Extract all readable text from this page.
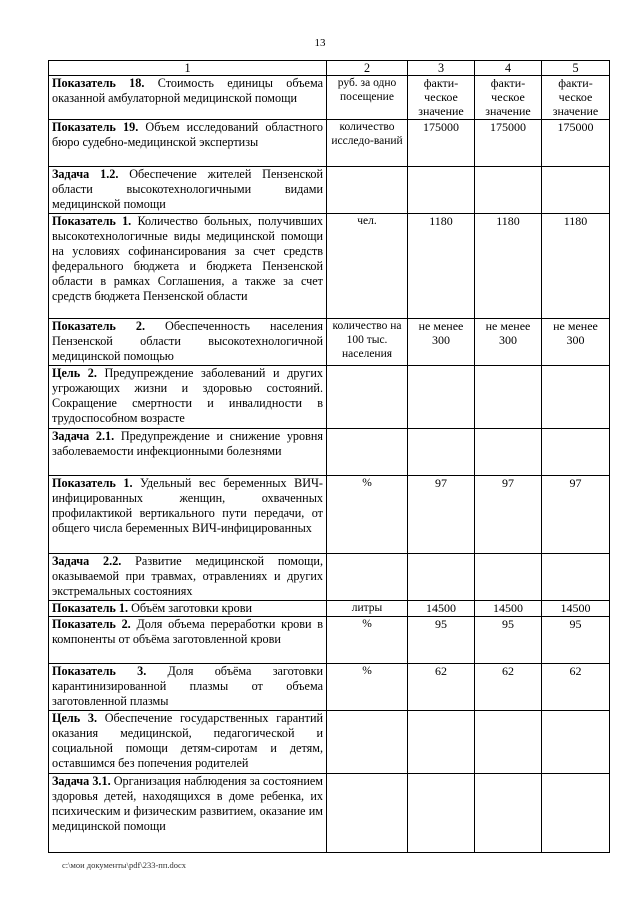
13
1	2	3	4	5
Показатель 18. Стоимость единицы объема оказанной амбулаторной медицинской помощи	руб. за одно посещение	факти-ческое значение	факти-ческое значение	факти-ческое значение
Показатель 19. Объем исследований областного бюро судебно-медицинской экспертизы	количество исследо-ваний	175000	175000	175000
Задача 1.2. Обеспечение жителей Пензенской области высокотехнологичными видами медицинской помощи				
Показатель 1. Количество больных, получивших высокотехнологичные виды медицинской помощи на условиях софинансирования за счет средств федерального бюджета и бюджета Пензенской области в рамках Соглашения, а также за счет средств бюджета Пензенской области	чел.	1180	1180	1180
Показатель 2. Обеспеченность населения Пензенской области высокотехнологичной медицинской помощью	количество на 100 тыс. населения	не менее 300	не менее 300	не менее 300
Цель 2. Предупреждение заболеваний и других угрожающих жизни и здоровью состояний. Сокращение смертности и инвалидности в трудоспособном возрасте				
Задача 2.1. Предупреждение и снижение уровня заболеваемости инфекционными болезнями				
Показатель 1. Удельный вес беременных ВИЧ-инфицированных женщин, охваченных профилактикой вертикального пути передачи, от общего числа беременных ВИЧ-инфицированных	%	97	97	97
Задача 2.2. Развитие медицинской помощи, оказываемой при травмах, отравлениях и других экстремальных состояниях				
Показатель 1. Объём заготовки крови	литры	14500	14500	14500
Показатель 2. Доля объема переработки крови в компоненты от объёма заготовленной крови	%	95	95	95
Показатель 3. Доля объёма заготовки карантинизированной плазмы от объема заготовленной плазмы	%	62	62	62
Цель 3. Обеспечение государственных гарантий оказания медицинской, педагогической и социальной помощи детям-сиротам и детям, оставшимся без попечения родителей				
Задача 3.1. Организация наблюдения за состоянием здоровья детей, находящихся в доме ребенка, их психическим и физическим развитием, оказание им медицинской помощи				
c:\мои документы\pdf\233-пп.docx
